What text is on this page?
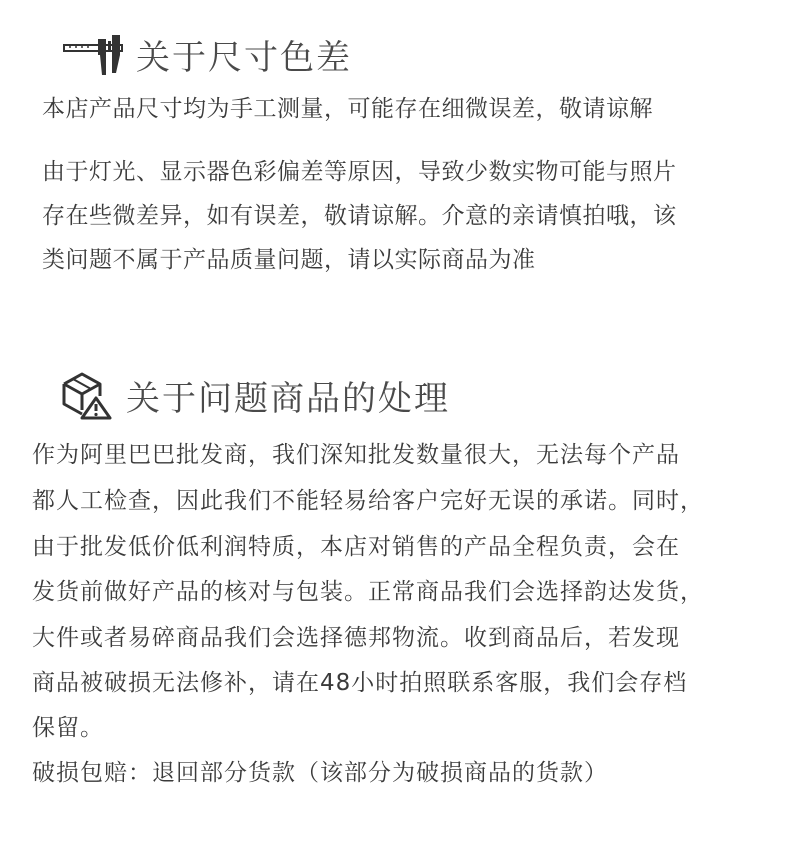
关于尺寸色差
本店产品尺寸均为手工测量，可能存在细微误差，敬请谅解
由于灯光、显示器色彩偏差等原因，导致少数实物可能与照片
存在些微差异，如有误差，敬请谅解。介意的亲请慎拍哦，该
类问题不属于产品质量问题，请以实际商品为准
关于问题商品的处理
作为阿里巴巴批发商，我们深知批发数量很大，无法每个产品
都人工检查，因此我们不能轻易给客户完好无误的承诺。同时，
由于批发低价低利润特质，本店对销售的产品全程负责，会在
发货前做好产品的核对与包装。正常商品我们会选择韵达发货，
大件或者易碎商品我们会选择德邦物流。收到商品后，若发现
商品被破损无法修补，请在48小时拍照联系客服，我们会存档
保留。
破损包赔：退回部分货款（该部分为破损商品的货款）
